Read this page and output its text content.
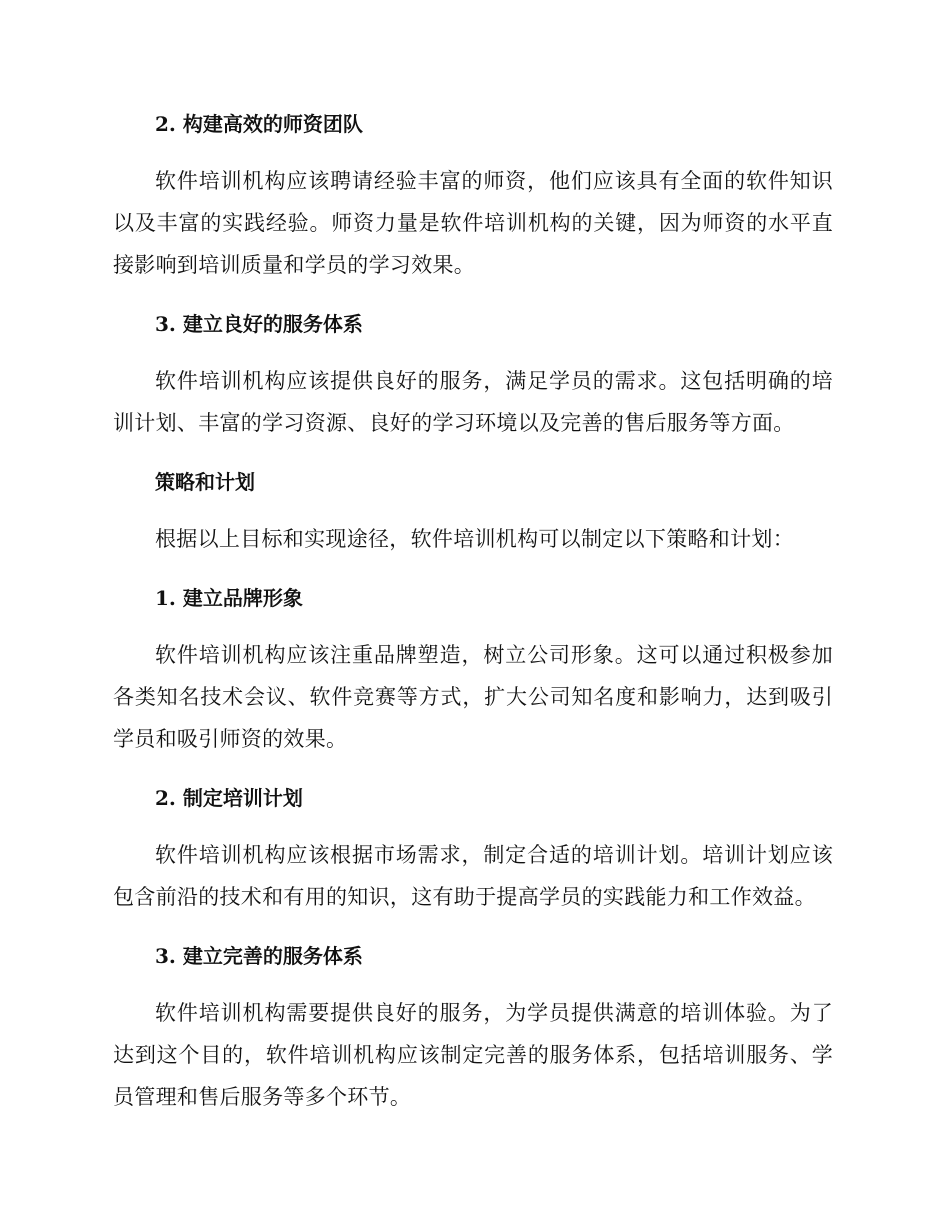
2. 构建高效的师资团队

软件培训机构应该聘请经验丰富的师资，他们应该具有全面的软件知识以及丰富的实践经验。师资力量是软件培训机构的关键，因为师资的水平直接影响到培训质量和学员的学习效果。

3. 建立良好的服务体系

软件培训机构应该提供良好的服务，满足学员的需求。这包括明确的培训计划、丰富的学习资源、良好的学习环境以及完善的售后服务等方面。

策略和计划

根据以上目标和实现途径，软件培训机构可以制定以下策略和计划：

1. 建立品牌形象

软件培训机构应该注重品牌塑造，树立公司形象。这可以通过积极参加各类知名技术会议、软件竞赛等方式，扩大公司知名度和影响力，达到吸引学员和吸引师资的效果。

2. 制定培训计划

软件培训机构应该根据市场需求，制定合适的培训计划。培训计划应该包含前沿的技术和有用的知识，这有助于提高学员的实践能力和工作效益。

3. 建立完善的服务体系

软件培训机构需要提供良好的服务，为学员提供满意的培训体验。为了达到这个目的，软件培训机构应该制定完善的服务体系，包括培训服务、学员管理和售后服务等多个环节。
